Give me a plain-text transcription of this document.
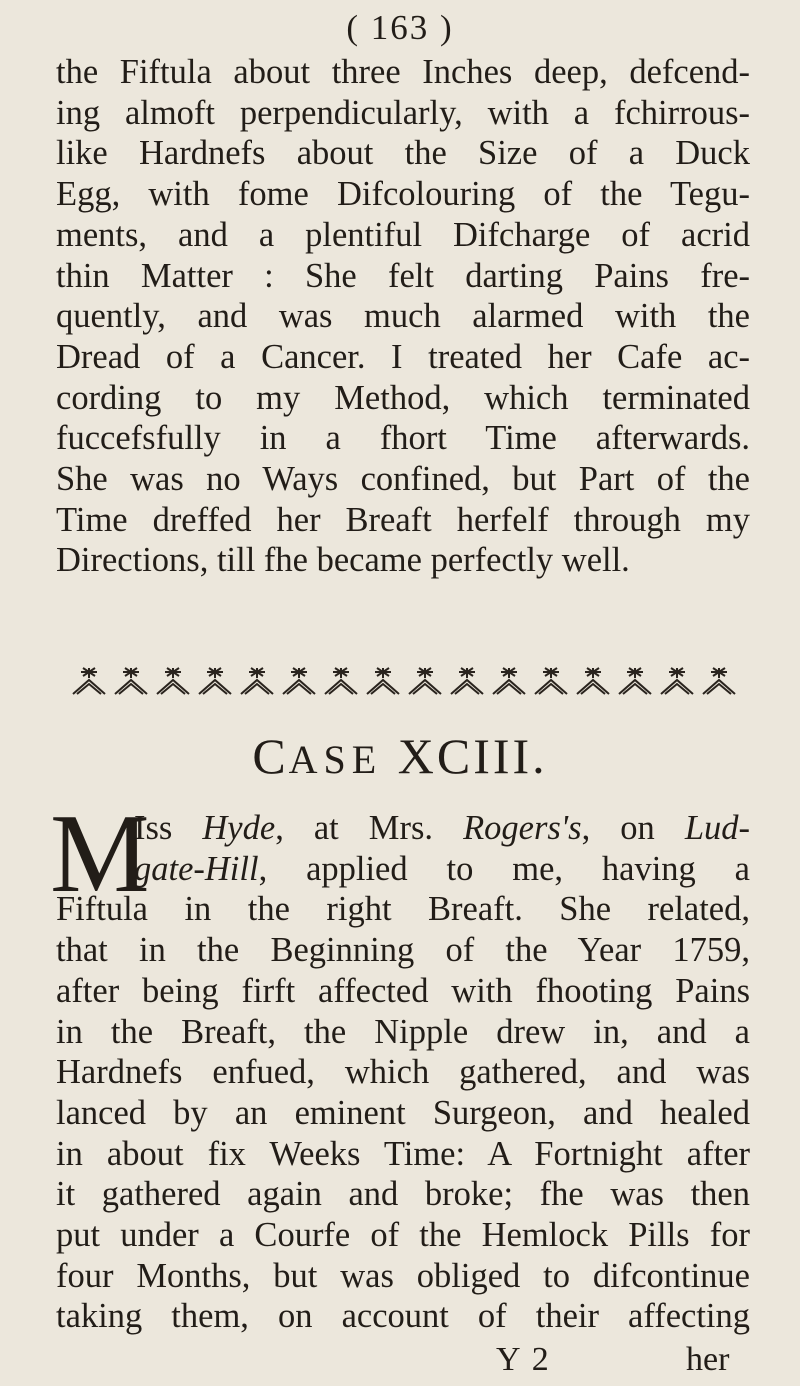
( 163 )
the Fiftula about three Inches deep, defcend-
ing almoft perpendicularly, with a fchirrous-
like Hardnefs about the Size of a Duck
Egg, with fome Difcolouring of the Tegu-
ments, and a plentiful Difcharge of acrid
thin Matter : She felt darting Pains fre-
quently, and was much alarmed with the
Dread of a Cancer. I treated her Cafe ac-
cording to my Method, which terminated
fuccefsfully in a fhort Time afterwards.
She was no Ways confined, but Part of the
Time dreffed her Breaft herfelf through my
Directions, till fhe became perfectly well.
CASE XCIII.
M
Iss Hyde, at Mrs. Rogers's, on Lud-
gate-Hill, applied to me, having a
Fiftula in the right Breaft. She related,
that in the Beginning of the Year 1759,
after being firft affected with fhooting Pains
in the Breaft, the Nipple drew in, and a
Hardnefs enfued, which gathered, and was
lanced by an eminent Surgeon, and healed
in about fix Weeks Time: A Fortnight after
it gathered again and broke; fhe was then
put under a Courfe of the Hemlock Pills for
four Months, but was obliged to difcontinue
taking them, on account of their affecting
Y 2	her
